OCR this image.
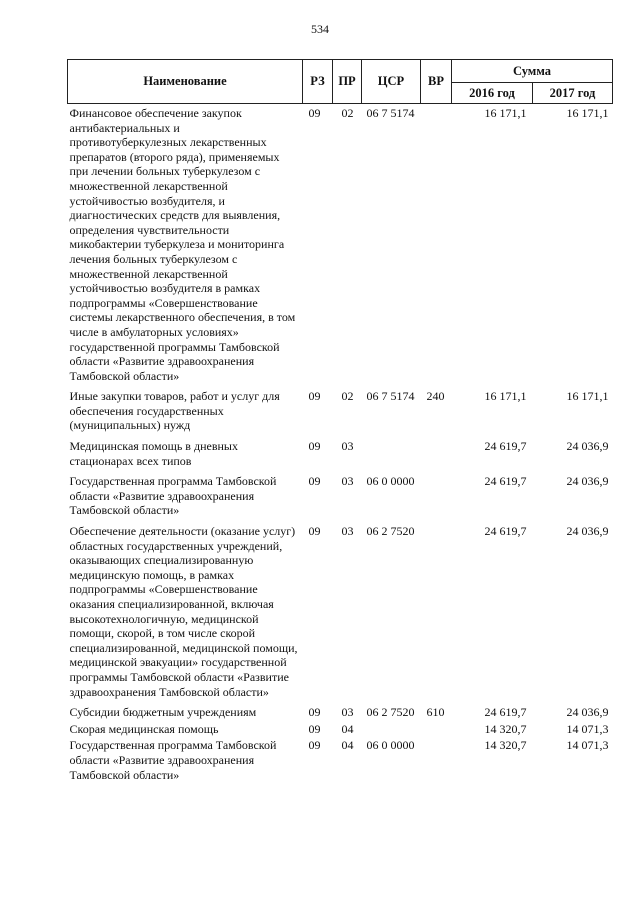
534
Наименование	РЗ	ПР	ЦСР	ВР	Сумма	
					2016 год	2017 год
Финансовое обеспечение закупок антибактериальных и противотуберкулезных лекарственных препаратов (второго ряда), применяемых при лечении больных туберкулезом с множественной лекарственной устойчивостью возбудителя, и диагностических средств для выявления, определения чувствительности микобактерии туберкулеза и мониторинга лечения больных туберкулезом с множественной лекарственной устойчивостью возбудителя в рамках подпрограммы «Совершенствование системы лекарственного обеспечения, в том числе в амбулаторных условиях» государственной программы Тамбовской области «Развитие здравоохранения Тамбовской области»	09	02	06 7 5174		16 171,1	16 171,1
Иные закупки товаров, работ и услуг для обеспечения государственных (муниципальных) нужд	09	02	06 7 5174	240	16 171,1	16 171,1
Медицинская помощь в дневных стационарах всех типов	09	03			24 619,7	24 036,9
Государственная программа Тамбовской области «Развитие здравоохранения Тамбовской области»	09	03	06 0 0000		24 619,7	24 036,9
Обеспечение деятельности (оказание услуг) областных государственных учреждений, оказывающих специализированную медицинскую помощь, в рамках подпрограммы «Совершенствование оказания специализированной, включая высокотехнологичную, медицинской помощи, скорой, в том числе скорой специализированной, медицинской помощи, медицинской эвакуации» государственной программы Тамбовской области «Развитие здравоохранения Тамбовской области»	09	03	06 2 7520		24 619,7	24 036,9
Субсидии бюджетным учреждениям	09	03	06 2 7520	610	24 619,7	24 036,9
Скорая медицинская помощь	09	04			14 320,7	14 071,3
Государственная программа Тамбовской области «Развитие здравоохранения Тамбовской области»	09	04	06 0 0000		14 320,7	14 071,3
